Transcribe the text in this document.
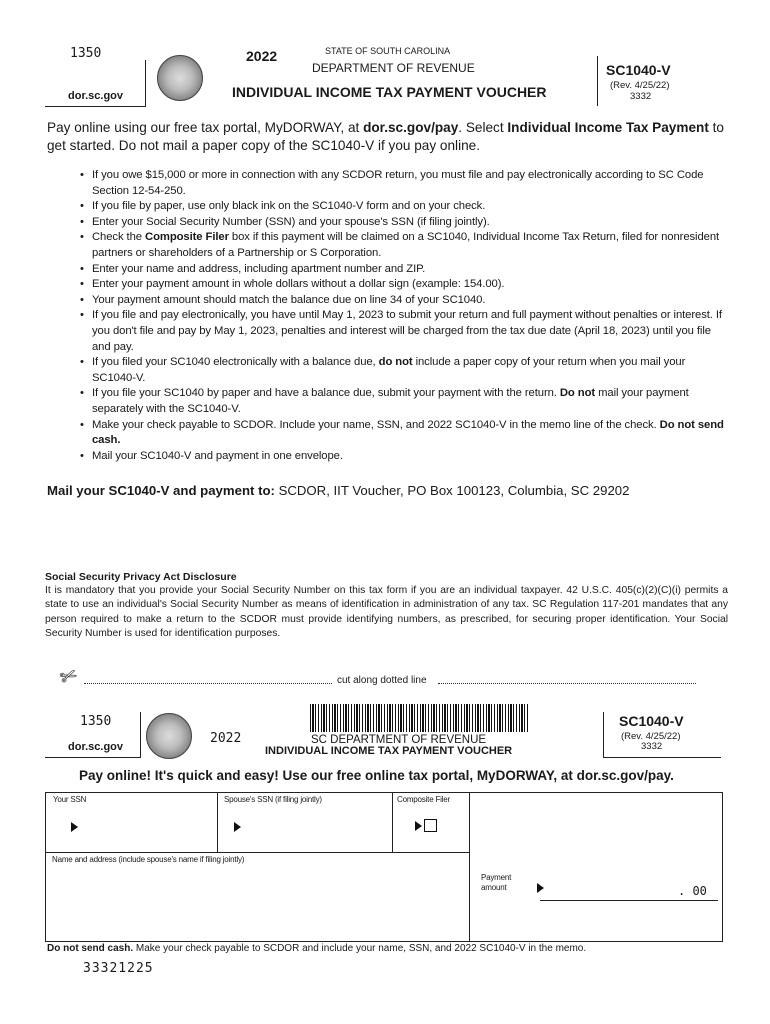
1350
dor.sc.gov
2022	STATE OF SOUTH CAROLINA
DEPARTMENT OF REVENUE
INDIVIDUAL INCOME TAX PAYMENT VOUCHER
SC1040-V
(Rev. 4/25/22)
3332
Pay online using our free tax portal, MyDORWAY, at dor.sc.gov/pay. Select Individual Income Tax Payment to get started. Do not mail a paper copy of the SC1040-V if you pay online.
• If you owe $15,000 or more in connection with any SCDOR return, you must file and pay electronically according to SC Code Section 12-54-250.
• If you file by paper, use only black ink on the SC1040-V form and on your check.
• Enter your Social Security Number (SSN) and your spouse's SSN (if filing jointly).
• Check the Composite Filer box if this payment will be claimed on a SC1040, Individual Income Tax Return, filed for nonresident partners or shareholders of a Partnership or S Corporation.
• Enter your name and address, including apartment number and ZIP.
• Enter your payment amount in whole dollars without a dollar sign (example: 154.00).
• Your payment amount should match the balance due on line 34 of your SC1040.
• If you file and pay electronically, you have until May 1, 2023 to submit your return and full payment without penalties or interest. If you don't file and pay by May 1, 2023, penalties and interest will be charged from the tax due date (April 18, 2023) until you file and pay.
• If you filed your SC1040 electronically with a balance due, do not include a paper copy of your return when you mail your SC1040-V.
• If you file your SC1040 by paper and have a balance due, submit your payment with the return. Do not mail your payment separately with the SC1040-V.
• Make your check payable to SCDOR. Include your name, SSN, and 2022 SC1040-V in the memo line of the check. Do not send cash.
• Mail your SC1040-V and payment in one envelope.
Mail your SC1040-V and payment to: SCDOR, IIT Voucher, PO Box 100123, Columbia, SC 29202
Social Security Privacy Act Disclosure
It is mandatory that you provide your Social Security Number on this tax form if you are an individual taxpayer. 42 U.S.C. 405(c)(2)(C)(i) permits a state to use an individual's Social Security Number as means of identification in administration of any tax. SC Regulation 117-201 mandates that any person required to make a return to the SCDOR must provide identifying numbers, as prescribed, for securing proper identification. Your Social Security Number is used for identification purposes.
✄	cut along dotted line
1350
dor.sc.gov
2022	SC DEPARTMENT OF REVENUE
INDIVIDUAL INCOME TAX PAYMENT VOUCHER
SC1040-V
(Rev. 4/25/22)
3332
Pay online! It's quick and easy! Use our free online tax portal, MyDORWAY, at dor.sc.gov/pay.
Your SSN	Spouse's SSN (if filing jointly)	Composite Filer
Name and address (include spouse's name if filing jointly)
Payment
amount	. 00
Do not send cash. Make your check payable to SCDOR and include your name, SSN, and 2022 SC1040-V in the memo.
33321225
